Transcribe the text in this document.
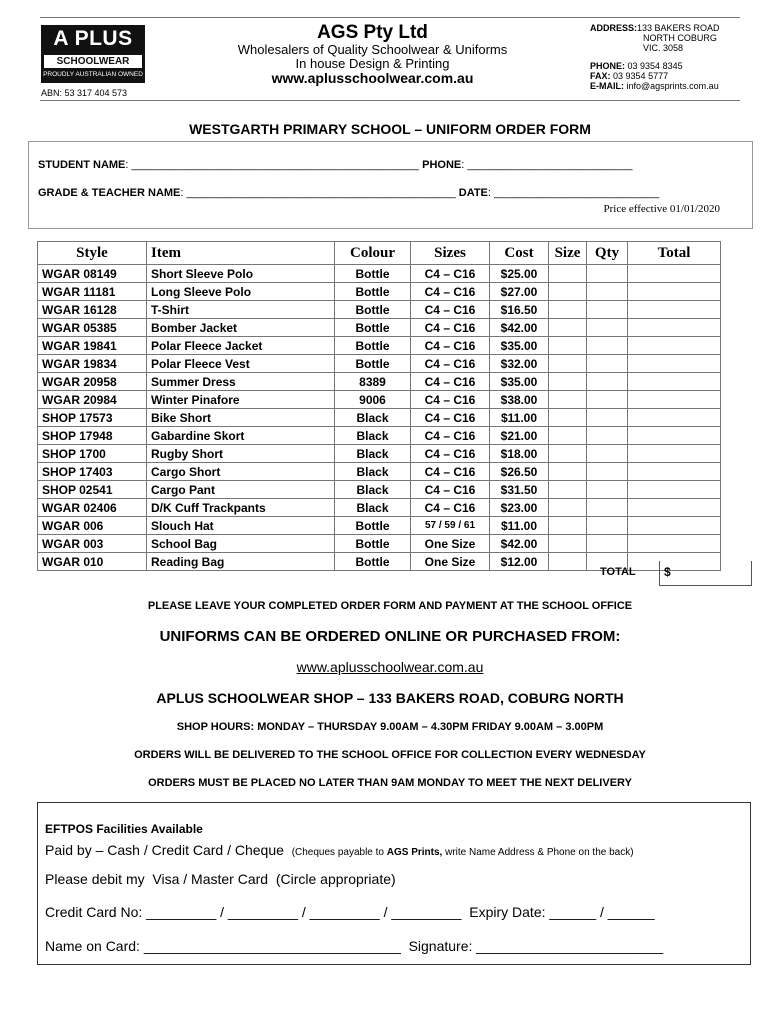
A PLUS
SCHOOLWEAR
PROUDLY AUSTRALIAN OWNED
ABN: 53 317 404 573
AGS Pty Ltd
Wholesalers of Quality Schoolwear & Uniforms
In house Design & Printing
www.aplusschoolwear.com.au
ADDRESS:133 BAKERS ROAD
NORTH COBURG
VIC. 3058
PHONE: 03 9354 8345
FAX: 03 9354 5777
E-MAIL: info@agsprints.com.au
WESTGARTH PRIMARY SCHOOL – UNIFORM ORDER FORM
STUDENT NAME: _______________________________________________ PHONE: ___________________________
GRADE & TEACHER NAME: ____________________________________________ DATE: ___________________________
Price effective 01/01/2020
Style	Item	Colour	Sizes	Cost	Size	Qty	Total
WGAR 08149	Short Sleeve Polo	Bottle	C4 – C16	$25.00			
WGAR 11181	Long Sleeve Polo	Bottle	C4 – C16	$27.00			
WGAR 16128	T-Shirt	Bottle	C4 – C16	$16.50			
WGAR 05385	Bomber Jacket	Bottle	C4 – C16	$42.00			
WGAR 19841	Polar Fleece Jacket	Bottle	C4 – C16	$35.00			
WGAR 19834	Polar Fleece Vest	Bottle	C4 – C16	$32.00			
WGAR 20958	Summer Dress	8389	C4 – C16	$35.00			
WGAR 20984	Winter Pinafore	9006	C4 – C16	$38.00			
SHOP 17573	Bike Short	Black	C4 – C16	$11.00			
SHOP 17948	Gabardine Skort	Black	C4 – C16	$21.00			
SHOP 1700	Rugby Short	Black	C4 – C16	$18.00			
SHOP 17403	Cargo Short	Black	C4 – C16	$26.50			
SHOP 02541	Cargo Pant	Black	C4 – C16	$31.50			
WGAR 02406	D/K Cuff Trackpants	Black	C4 – C16	$23.00			
WGAR 006	Slouch Hat	Bottle	57 / 59 / 61	$11.00			
WGAR 003	School Bag	Bottle	One Size	$42.00			
WGAR 010	Reading Bag	Bottle	One Size	$12.00			
TOTAL $
PLEASE LEAVE YOUR COMPLETED ORDER FORM AND PAYMENT AT THE SCHOOL OFFICE
UNIFORMS CAN BE ORDERED ONLINE OR PURCHASED FROM:
www.aplusschoolwear.com.au
APLUS SCHOOLWEAR SHOP – 133 BAKERS ROAD, COBURG NORTH
SHOP HOURS: MONDAY – THURSDAY 9.00AM – 4.30PM FRIDAY 9.00AM – 3.00PM
ORDERS WILL BE DELIVERED TO THE SCHOOL OFFICE FOR COLLECTION EVERY WEDNESDAY
ORDERS MUST BE PLACED NO LATER THAN 9AM MONDAY TO MEET THE NEXT DELIVERY
EFTPOS Facilities Available
Paid by – Cash / Credit Card / Cheque (Cheques payable to AGS Prints, write Name Address & Phone on the back)
Please debit my  Visa / Master Card  (Circle appropriate)
Credit Card No: _________ / _________ / _________ / _________ Expiry Date: ______ / ______
Name on Card: _________________________________ Signature: ________________________
